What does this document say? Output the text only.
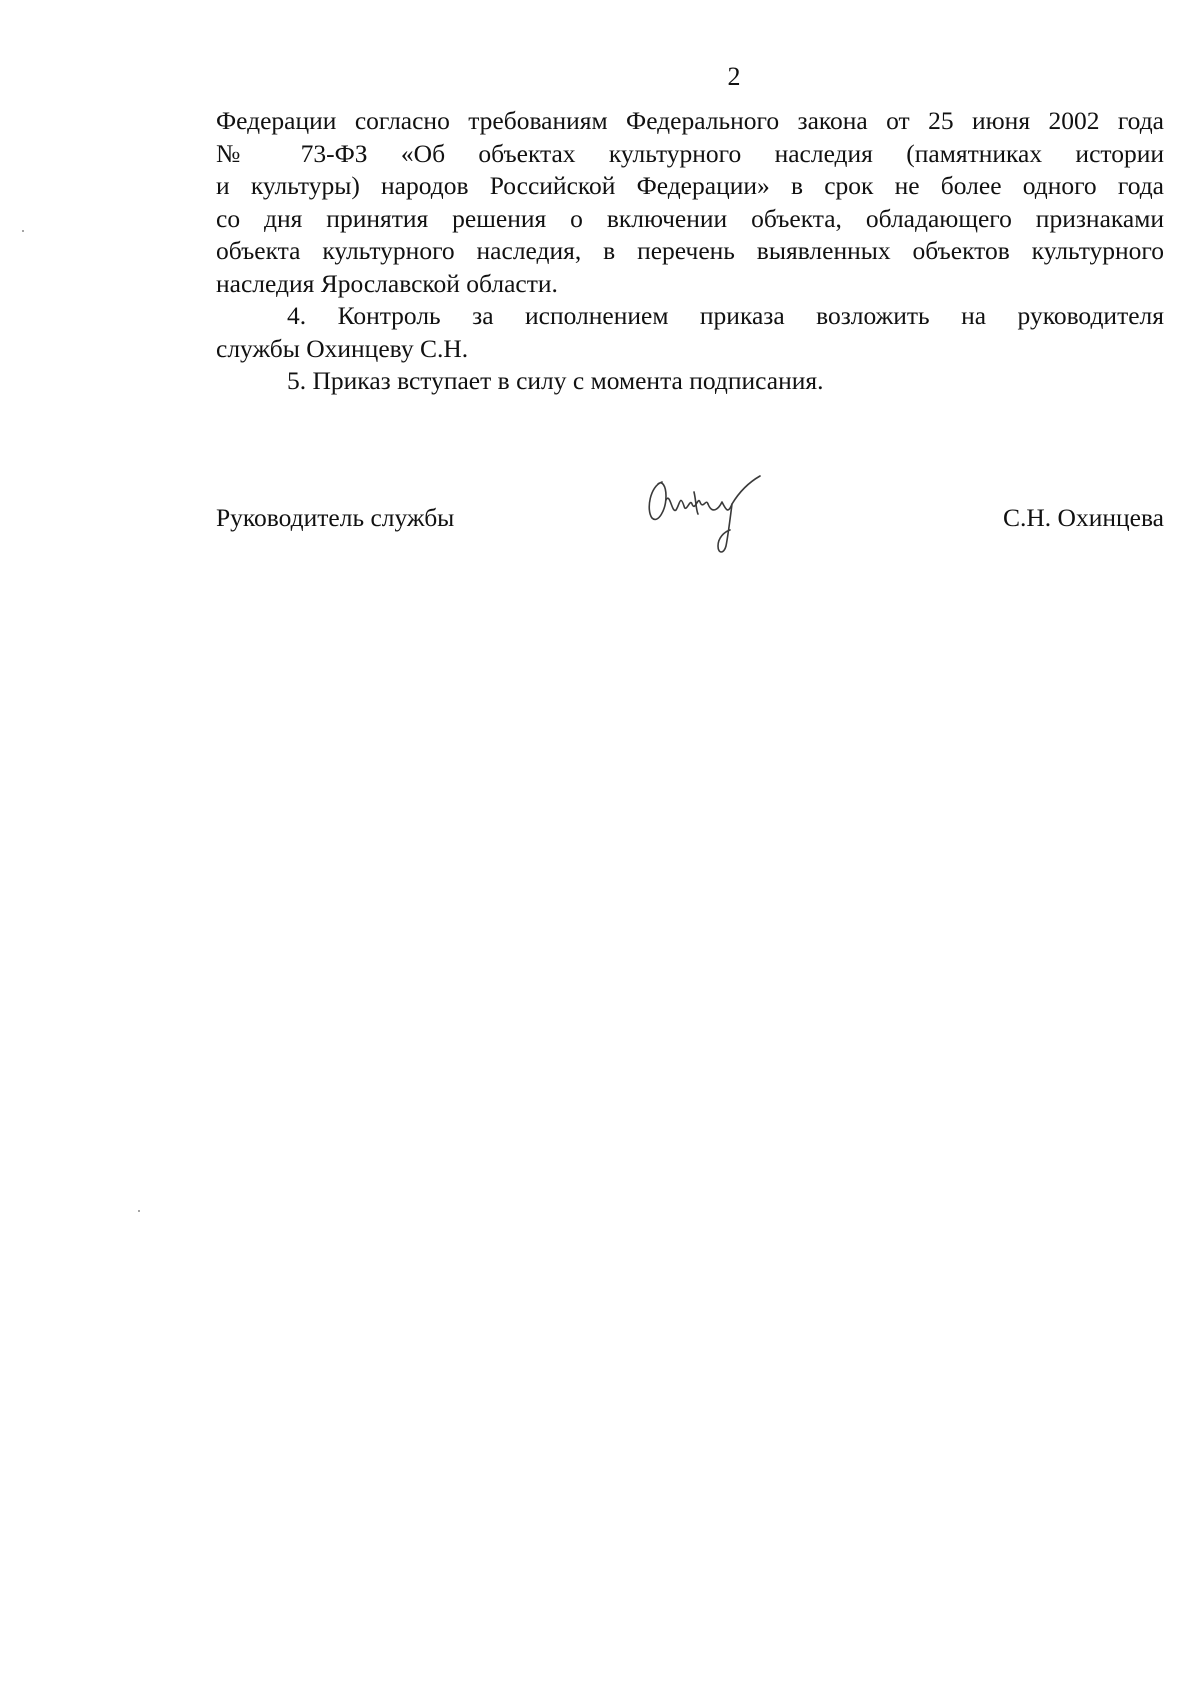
2
Федерации согласно требованиям Федерального закона от 25 июня 2002 года
№ 73-ФЗ «Об объектах культурного наследия (памятниках истории
и культуры) народов Российской Федерации» в срок не более одного года
со дня принятия решения о включении объекта, обладающего признаками
объекта культурного наследия, в перечень выявленных объектов культурного
наследия Ярославской области.
4. Контроль за исполнением приказа возложить на руководителя
службы Охинцеву С.Н.
5. Приказ вступает в силу с момента подписания.
Руководитель службы	С.Н. Охинцева
